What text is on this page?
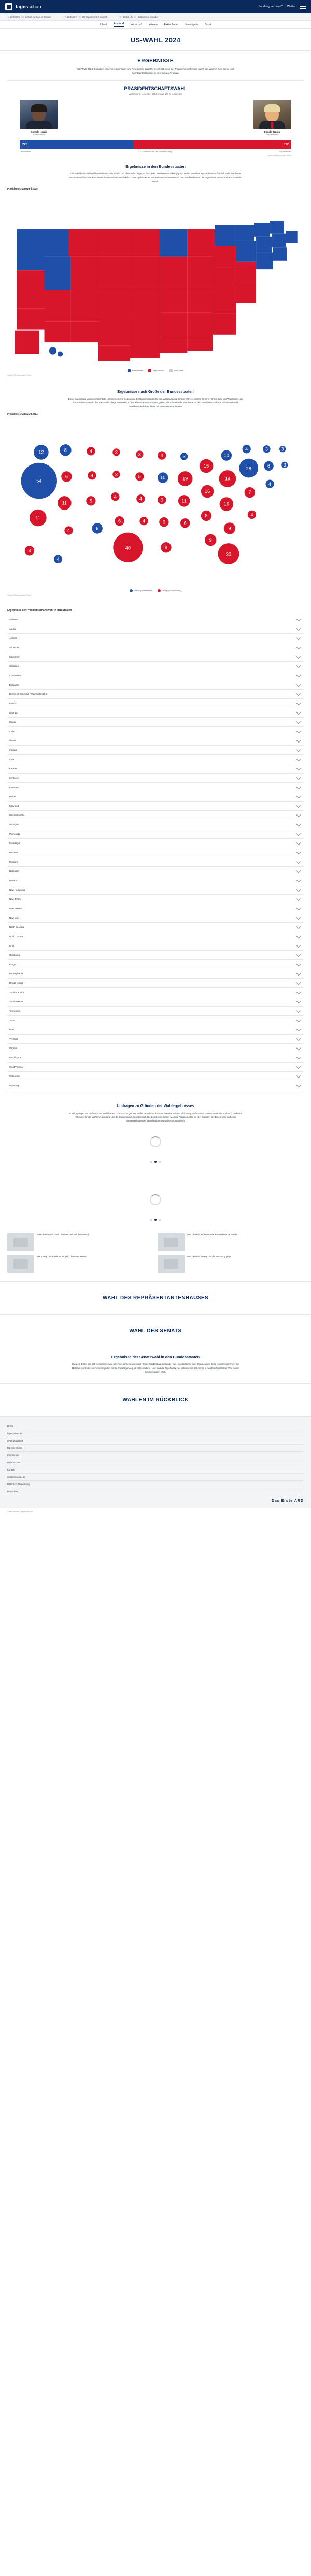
tagesschau	Sendung verpasst? Wetter
+++ 14:02 Uhr +++ Scholz zu Gast in Brüssel • +++ 13:46 Uhr +++ EU-Gipfel berät Haushalt • +++ 13:10 Uhr +++ Bahnstreik beendet
Inland	Ausland	Wirtschaft	Wissen	Faktenfinder	Investigativ	Sport
US-WAHL 2024
ERGEBNISSE

US-Wahl 2024: Es haben die Amerikanerinnen und Amerikaner gewählt. Die Ergebnisse der Präsidentschaftswahl sowie der Wahlen zum Senat und Repräsentantenhaus in interaktiven Grafiken.

PRÄSIDENTSCHAFTSWAHL
Wahl vom 5. November 2024, Stand: 100 % ausgezählt
Kamala Harris
Demokraten
Donald Trump
Republikaner
226	312
Demokraten	270 Wahlleute für die Mehrheit nötig	Republikaner
Quelle: AP/Associated Press
Ergebnisse in den Bundesstaaten

Die Präsidentschaftswahl entscheidet sich letztlich im Electoral College, in dem jeder Bundesstaat abhängig von seiner Bevölkerungszahl unterschiedlich viele Wahlleute entsenden dürfen. Die Präsidentschaftswahl ist damit faktisch die Ergebnis einer Summe von Einzelwahlen in den Bundesstaaten. Die Ergebnisse in den Bundesstaaten im Detail.

Präsidentschaftswahl 2024
Demokraten	Republikaner	noch offen
Quelle: AP/Associated Press
Ergebnisse nach Größe der Bundesstaaten

Diese Darstellung veranschaulicht die unterschiedliche Bedeutung der Bundesstaaten für den Wahlausgang: Größere Kreise stehen für eine höhere Zahl von Wahlleuten, die der Bundesstaaten in das Electoral College entsendet. In den kleinen Bundesstaaten gehen alle Stimmen der Wahlleute an den Präsidentschaftskandidaten oder die Präsidentschaftskandidatin mit den meisten Stimmen.

Präsidentschaftswahl 2024
54
11
12	8
6
11
4
4
4
5
6
3
3
4
6
40
3
5
4
4
4
10
6
6
8
3
19
11
6
15
16
8
9
10
19
16
9
30
4
28
7
4
3
6
4
3
3
3
4
Harris (Demokraten)	Trump (Republikaner)
Quelle: AP/Associated Press
Ergebnisse der Präsidentschaftswahl in den Staaten
Alabama
Alaska
Arizona
Arkansas
Kalifornien
Colorado
Connecticut
Delaware
District of Columbia (Washington D.C.)
Florida
Georgia
Hawaii
Idaho
Illinois
Indiana
Iowa
Kansas
Kentucky
Louisiana
Maine
Maryland
Massachusetts
Michigan
Minnesota
Mississippi
Missouri
Montana
Nebraska
Nevada
New Hampshire
New Jersey
New Mexico
New York
North Carolina
North Dakota
Ohio
Oklahoma
Oregon
Pennsylvania
Rhode Island
South Carolina
South Dakota
Tennessee
Texas
Utah
Vermont
Virginia
Washington
West Virginia
Wisconsin
Wyoming
Umfragen zu Gründen der Wahlergebnisses

In Befragungen am und nach der Wahl haben US-Forschungsinstitute die Gründe für das Abschneiden von Donald Trump und Kamala Harris untersucht und auch nach den Gründen für die Wahlentscheidung und die Stimmung im sozialgefragt. Die Ergebnisse liefern wichtige Anhaltspunkte an den Gründen der Ergebnisse und zum Wählerverhalten der verschiedenen Bevölkerungsgruppen.

Was die USA auf Trump Wählern und was ihn antreibt	Was die USA auf Harris Wählern und wer sie wählte
Wie Trump und Harris im Vergleich bewertet wurden	Was die USA bewegt und die Stimmung prägt
WAHL DES REPRÄSENTANTENHAUSES
WAHL DES SENATS
Ergebnisse der Senatswahl in den Bundesstaaten

Etwa ein Drittel der 100 Senatssitze wird alle zwei Jahre neu gewählt. Jeder Bundesstaat entsendet zwei Senatorinnen oder Senatoren in diese Kongresskammer. Die Mehrheitsverhältnisse im Senat gelten für die Gesetzgebung als entscheidend. Hier sind die Ergebnisse der Wahlen zum US-Senat in den Bundesstaaten 2024 in den Bundesstaaten nach.

WAHLEN IM RÜCKBLICK
Home
tagesschau.de
ARD Mediathek
Barrierefreiheit
Impressum
Datenschutz
Kontakt
Zu tagesschau.de
Datenschutzerklärung
Redaktion
Das Erste ARD
© ARD-aktuell / tagesschau.de
